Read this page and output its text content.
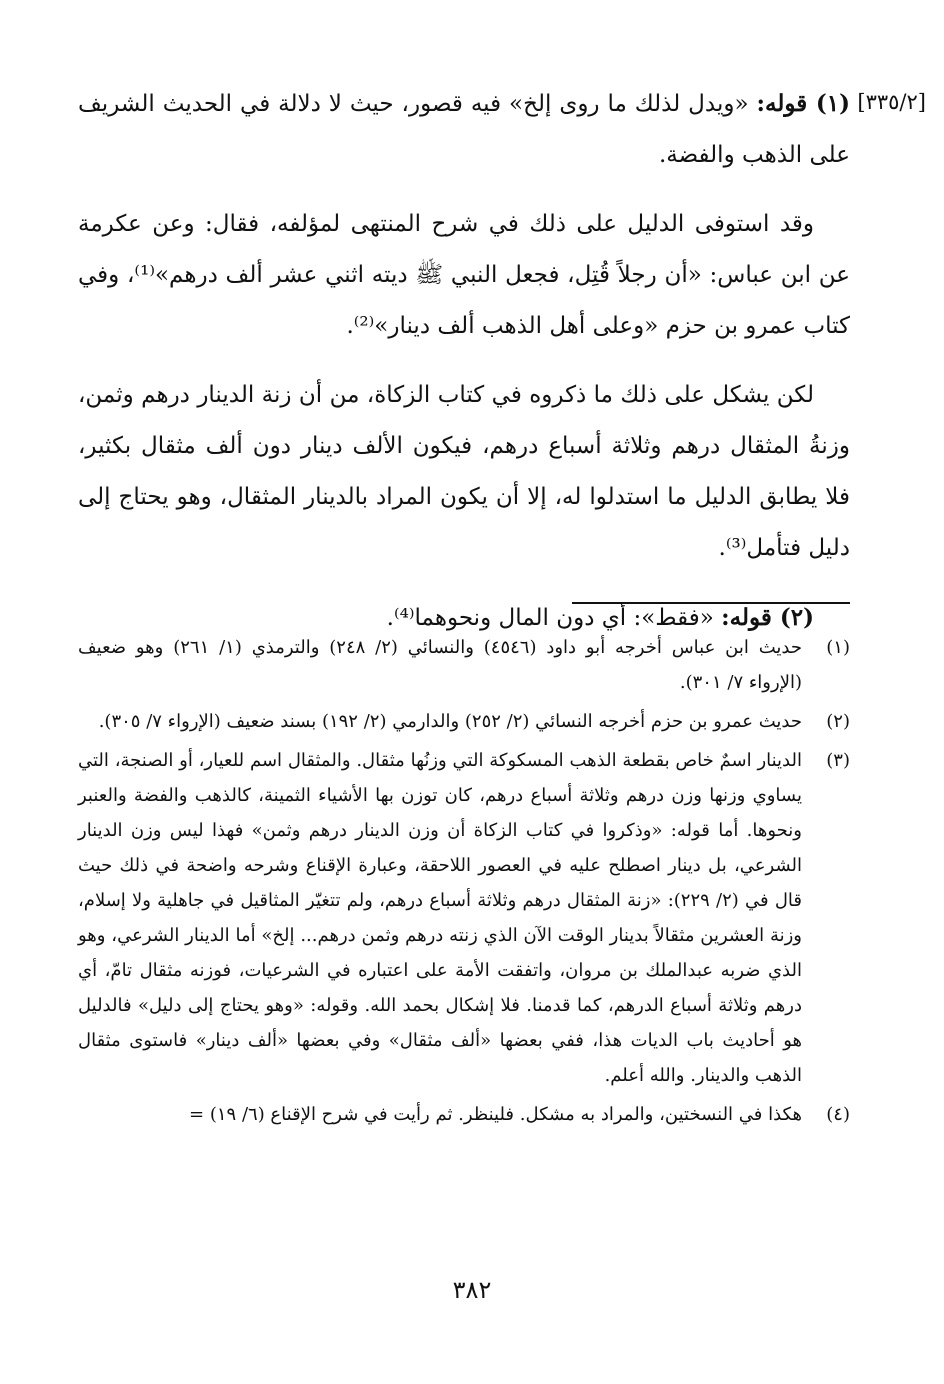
[٣٣٥/٢]

(١) قوله: «ويدل لذلك ما روى إلخ» فيه قصور، حيث لا دلالة في الحديث الشريف على الذهب والفضة.

وقد استوفى الدليل على ذلك في شرح المنتهى لمؤلفه، فقال: وعن عكرمة عن ابن عباس: «أن رجلاً قُتِل، فجعل النبي ﷺ ديته اثني عشر ألف درهم»⁽¹⁾، وفي كتاب عمرو بن حزم «وعلى أهل الذهب ألف دينار»⁽²⁾.

لكن يشكل على ذلك ما ذكروه في كتاب الزكاة، من أن زنة الدينار درهم وثمن، وزنةُ المثقال درهم وثلاثة أسباع درهم، فيكون الألف دينار دون ألف مثقال بكثير، فلا يطابق الدليل ما استدلوا له، إلا أن يكون المراد بالدينار المثقال، وهو يحتاج إلى دليل فتأمل⁽³⁾.

(٢) قوله: «فقط»: أي دون المال ونحوهما⁽⁴⁾.

(١)
حديث ابن عباس أخرجه أبو داود (٤٥٤٦) والنسائي (٢/ ٢٤٨) والترمذي (١/ ٢٦١) وهو ضعيف (الإرواء ٧/ ٣٠١).
(٢)
حديث عمرو بن حزم أخرجه النسائي (٢/ ٢٥٢) والدارمي (٢/ ١٩٢) بسند ضعيف (الإرواء ٧/ ٣٠٥).
(٣)
الدينار اسمٌ خاص بقطعة الذهب المسكوكة التي وزنُها مثقال. والمثقال اسم للعيار، أو الصنجة، التي يساوي وزنها وزن درهم وثلاثة أسباع درهم، كان توزن بها الأشياء الثمينة، كالذهب والفضة والعنبر ونحوها. أما قوله: «وذكروا في كتاب الزكاة أن وزن الدينار درهم وثمن» فهذا ليس وزن الدينار الشرعي، بل دينار اصطلح عليه في العصور اللاحقة، وعبارة الإقناع وشرحه واضحة في ذلك حيث قال في (٢/ ٢٢٩): «زنة المثقال درهم وثلاثة أسباع درهم، ولم تتغيّر المثاقيل في جاهلية ولا إسلام، وزنة العشرين مثقالاً بدينار الوقت الآن الذي زنته درهم وثمن درهم... إلخ» أما الدينار الشرعي، وهو الذي ضربه عبدالملك بن مروان، واتفقت الأمة على اعتباره في الشرعيات، فوزنه مثقال تامّ، أي درهم وثلاثة أسباع الدرهم، كما قدمنا. فلا إشكال بحمد الله. وقوله: «وهو يحتاج إلى دليل» فالدليل هو أحاديث باب الديات هذا، ففي بعضها «ألف مثقال» وفي بعضها «ألف دينار» فاستوى مثقال الذهب والدينار. والله أعلم.
(٤)
هكذا في النسختين، والمراد به مشكل. فلينظر. ثم رأيت في شرح الإقناع (٦/ ١٩) =
٣٨٢
